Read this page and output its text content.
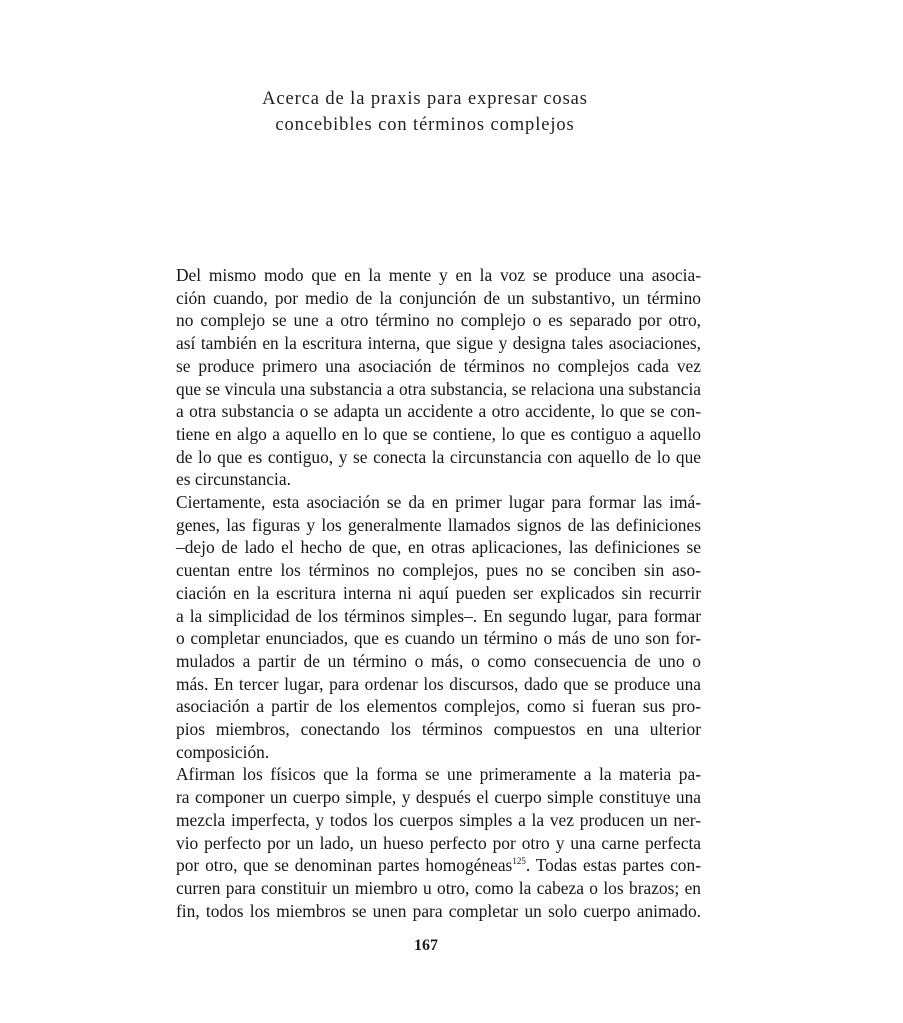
Acerca de la praxis para expresar cosas
concebibles con términos complejos
Del mismo modo que en la mente y en la voz se produce una asocia-
ción cuando, por medio de la conjunción de un substantivo, un término
no complejo se une a otro término no complejo o es separado por otro,
así también en la escritura interna, que sigue y designa tales asociaciones,
se produce primero una asociación de términos no complejos cada vez
que se vincula una substancia a otra substancia, se relaciona una substancia
a otra substancia o se adapta un accidente a otro accidente, lo que se con-
tiene en algo a aquello en lo que se contiene, lo que es contiguo a aquello
de lo que es contiguo, y se conecta la circunstancia con aquello de lo que
es circunstancia.
Ciertamente, esta asociación se da en primer lugar para formar las imá-
genes, las figuras y los generalmente llamados signos de las definiciones
–dejo de lado el hecho de que, en otras aplicaciones, las definiciones se
cuentan entre los términos no complejos, pues no se conciben sin aso-
ciación en la escritura interna ni aquí pueden ser explicados sin recurrir
a la simplicidad de los términos simples–. En segundo lugar, para formar
o completar enunciados, que es cuando un término o más de uno son for-
mulados a partir de un término o más, o como consecuencia de uno o
más. En tercer lugar, para ordenar los discursos, dado que se produce una
asociación a partir de los elementos complejos, como si fueran sus pro-
pios miembros, conectando los términos compuestos en una ulterior
composición.
Afirman los físicos que la forma se une primeramente a la materia pa-
ra componer un cuerpo simple, y después el cuerpo simple constituye una
mezcla imperfecta, y todos los cuerpos simples a la vez producen un ner-
vio perfecto por un lado, un hueso perfecto por otro y una carne perfecta
por otro, que se denominan partes homogéneas$^{125}$. Todas estas partes con-
curren para constituir un miembro u otro, como la cabeza o los brazos; en
fin, todos los miembros se unen para completar un solo cuerpo animado.
167
